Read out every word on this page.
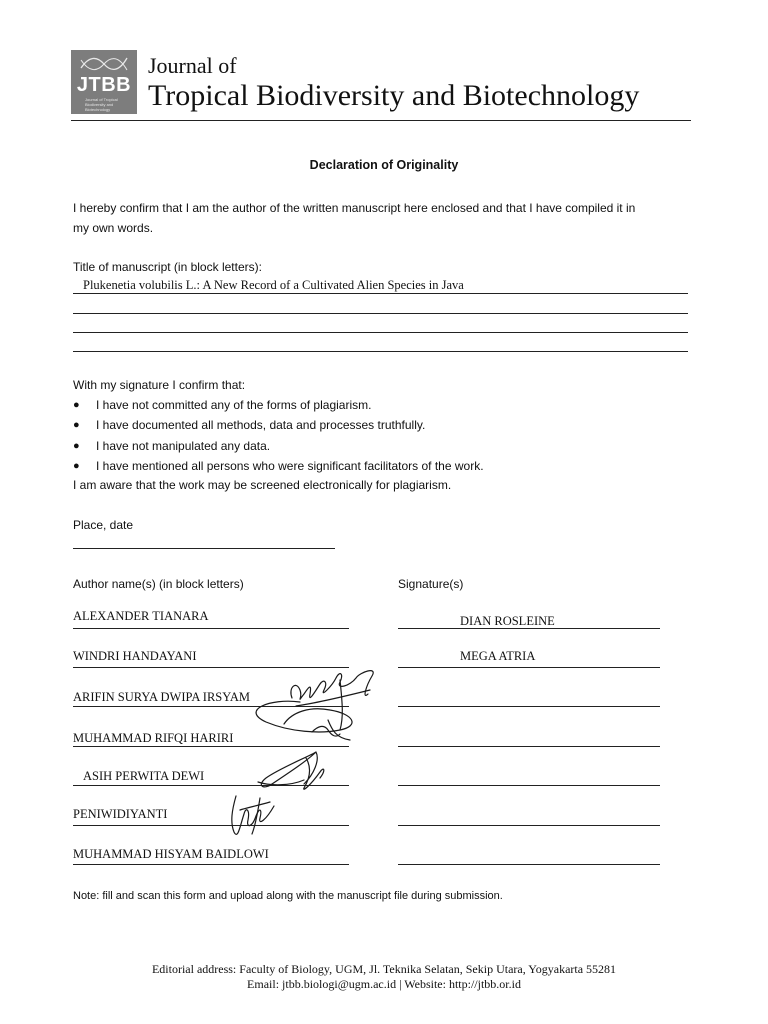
JTBB
Journal of Tropical Biodiversity and Biotechnology
Journal of
Tropical Biodiversity and Biotechnology
Declaration of Originality
I hereby confirm that I am the author of the written manuscript here enclosed and that I have compiled it in
my own words.
Title of manuscript (in block letters):
Plukenetia volubilis L.: A New Record of a Cultivated Alien Species in Java
With my signature I confirm that:
● I have not committed any of the forms of plagiarism.
● I have documented all methods, data and processes truthfully.
● I have not manipulated any data.
● I have mentioned all persons who were significant facilitators of the work.
I am aware that the work may be screened electronically for plagiarism.
Place, date
Author name(s) (in block letters)	Signature(s)
ALEXANDER TIANARA	DIAN ROSLEINE
WINDRI HANDAYANI	MEGA ATRIA
ARIFIN SURYA DWIPA IRSYAM
MUHAMMAD RIFQI HARIRI
ASIH PERWITA DEWI
PENIWIDIYANTI
MUHAMMAD HISYAM BAIDLOWI
Note: fill and scan this form and upload along with the manuscript file during submission.
Editorial address: Faculty of Biology, UGM, Jl. Teknika Selatan, Sekip Utara, Yogyakarta 55281
Email: jtbb.biologi@ugm.ac.id | Website: http://jtbb.or.id
